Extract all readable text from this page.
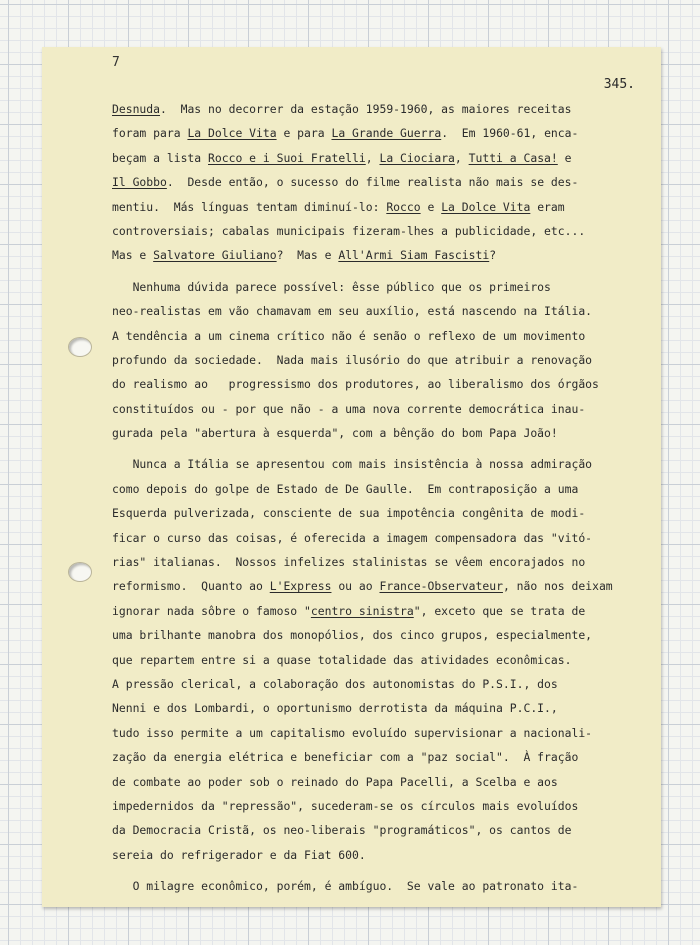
7
345.
Desnuda.  Mas no decorrer da estação 1959-1960, as maiores receitas
foram para La Dolce Vita e para La Grande Guerra.  Em 1960-61, enca-
beçam a lista Rocco e i Suoi Fratelli, La Ciociara, Tutti a Casa! e
Il Gobbo.  Desde então, o sucesso do filme realista não mais se des-
mentiu.  Más línguas tentam diminuí-lo: Rocco e La Dolce Vita eram
controversiais; cabalas municipais fizeram-lhes a publicidade, etc...
Mas e Salvatore Giuliano?  Mas e All'Armi Siam Fascisti?
Nenhuma dúvida parece possível: êsse público que os primeiros
neo-realistas em vão chamavam em seu auxílio, está nascendo na Itália.
A tendência a um cinema crítico não é senão o reflexo de um movimento
profundo da sociedade.  Nada mais ilusório do que atribuir a renovação
do realismo ao   progressismo dos produtores, ao liberalismo dos órgãos
constituídos ou - por que não - a uma nova corrente democrática inau-
gurada pela "abertura à esquerda", com a bênção do bom Papa João!
Nunca a Itália se apresentou com mais insistência à nossa admiração
como depois do golpe de Estado de De Gaulle.  Em contraposição a uma
Esquerda pulverizada, consciente de sua impotência congênita de modi-
ficar o curso das coisas, é oferecida a imagem compensadora das "vitó-
rias" italianas.  Nossos infelizes stalinistas se vêem encorajados no
reformismo.  Quanto ao L'Express ou ao France-Observateur, não nos deixam
ignorar nada sôbre o famoso "centro sinistra", exceto que se trata de
uma brilhante manobra dos monopólios, dos cinco grupos, especialmente,
que repartem entre si a quase totalidade das atividades econômicas.
A pressão clerical, a colaboração dos autonomistas do P.S.I., dos
Nenni e dos Lombardi, o oportunismo derrotista da máquina P.C.I.,
tudo isso permite a um capitalismo evoluído supervisionar a nacionali-
zação da energia elétrica e beneficiar com a "paz social".  À fração
de combate ao poder sob o reinado do Papa Pacelli, a Scelba e aos
impedernidos da "repressão", sucederam-se os círculos mais evoluídos
da Democracia Cristã, os neo-liberais "programáticos", os cantos de
sereia do refrigerador e da Fiat 600.
O milagre econômico, porém, é ambíguo.  Se vale ao patronato ita-
